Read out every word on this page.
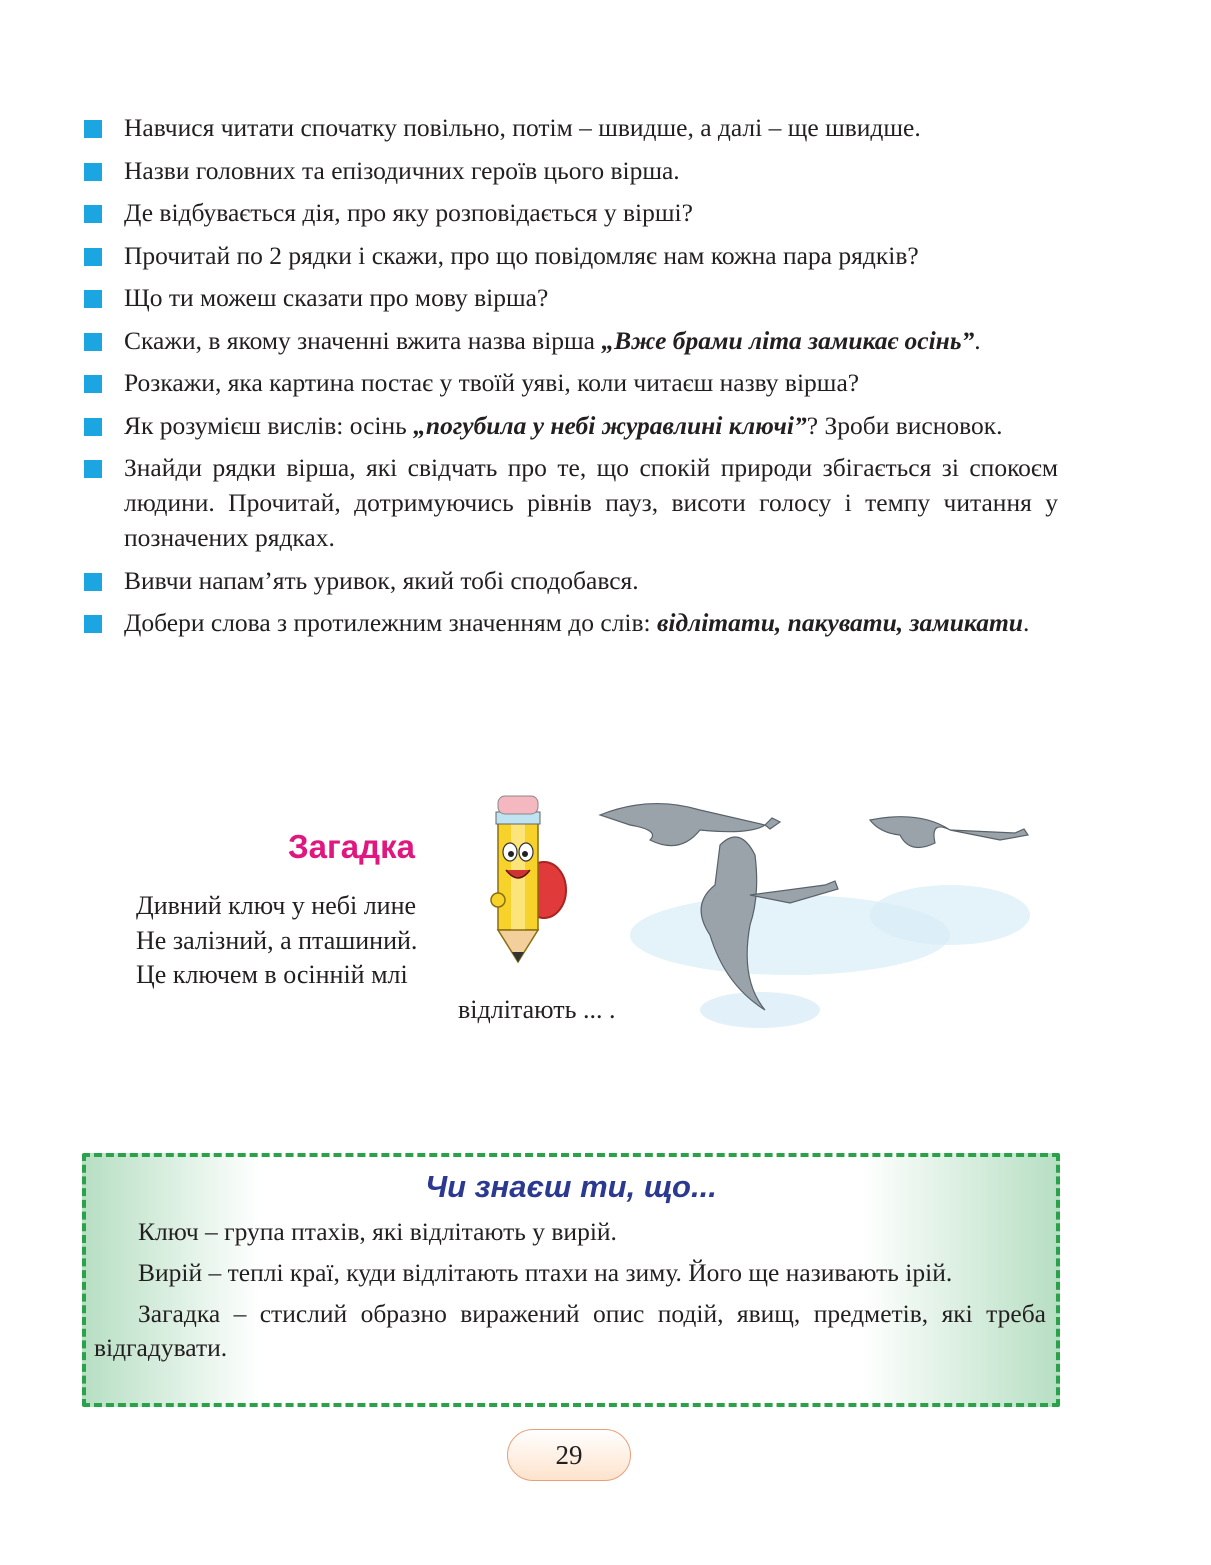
Навчися читати спочатку повільно, потім – швидше, а далі – ще швидше.
Назви головних та епізодичних героїв цього вірша.
Де відбувається дія, про яку розповідається у вірші?
Прочитай по 2 рядки і скажи, про що повідомляє нам кожна пара рядків?
Що ти можеш сказати про мову вірша?
Скажи, в якому значенні вжита назва вірша „Вже брами літа замикає осінь”.
Розкажи, яка картина постає у твоїй уяві, коли читаєш назву вірша?
Як розумієш вислів: осінь „погубила у небі журавлині ключі”? Зроби висновок.
Знайди рядки вірша, які свідчать про те, що спокій природи збігається зі спокоєм людини. Прочитай, дотримуючись рівнів пауз, висоти голосу і темпу читання у позначених рядках.
Вивчи напам’ять уривок, який тобі сподобався.
Добери слова з протилежним значенням до слів: відлітати, пакувати, замикати.
Загадка
Дивний ключ у небі лине
Не залізний, а пташиний.
Це ключем в осінній млі
відлітають ... .
Чи знаєш ти, що...
Ключ – група птахів, які відлітають у вирій.
Вирій – теплі краї, куди відлітають птахи на зиму. Його ще називають ірій.
Загадка – стислий образно виражений опис подій, явищ, предметів, які треба відгадувати.
29
